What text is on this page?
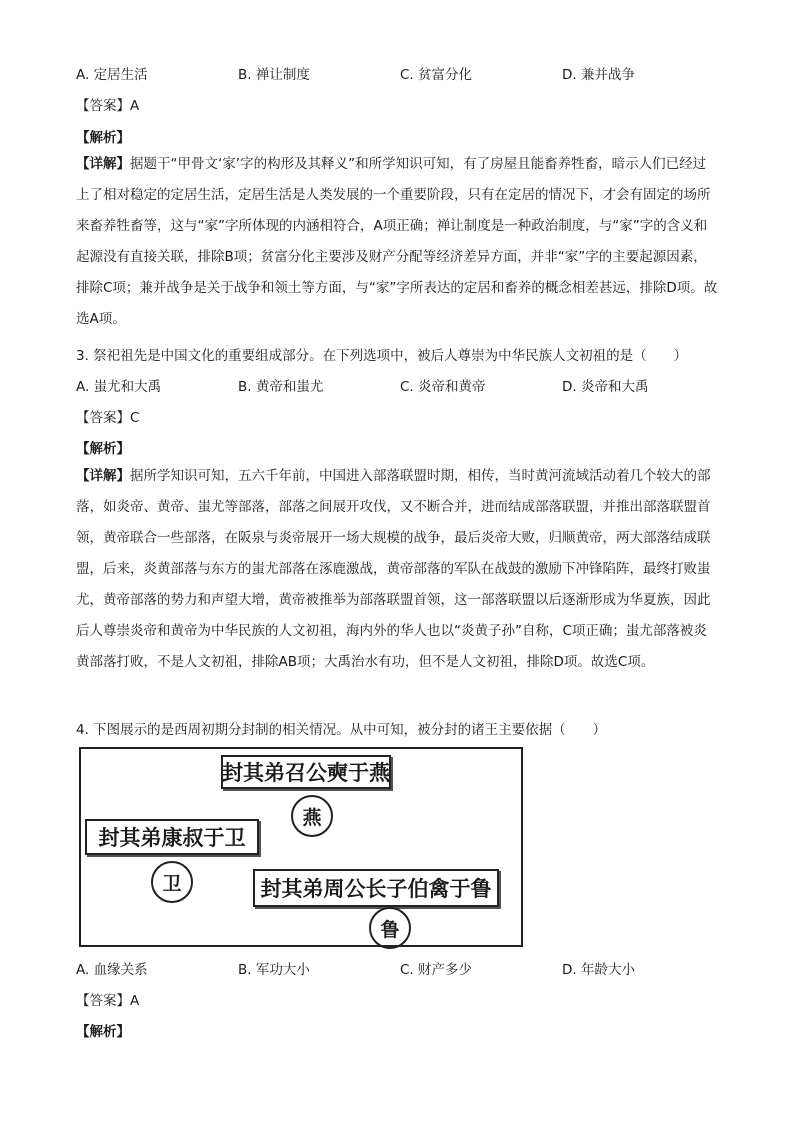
A. 定居生活	B. 禅让制度	C. 贫富分化	D. 兼并战争
【答案】A
【解析】

【详解】据题干“甲骨文‘家’字的构形及其释义”和所学知识可知，有了房屋且能畜养牲畜，暗示人们已经过上了相对稳定的定居生活，定居生活是人类发展的一个重要阶段，只有在定居的情况下，才会有固定的场所来畜养牲畜等，这与“家”字所体现的内涵相符合，A项正确；禅让制度是一种政治制度，与“家”字的含义和起源没有直接关联，排除B项；贫富分化主要涉及财产分配等经济差异方面，并非“家”字的主要起源因素，排除C项；兼并战争是关于战争和领土等方面，与“家”字所表达的定居和畜养的概念相差甚远，排除D项。故选A项。

3. 祭祀祖先是中国文化的重要组成部分。在下列选项中，被后人尊崇为中华民族人文初祖的是（　　）
A. 蚩尤和大禹	B. 黄帝和蚩尤	C. 炎帝和黄帝	D. 炎帝和大禹
【答案】C
【解析】

【详解】据所学知识可知，五六千年前，中国进入部落联盟时期，相传，当时黄河流域活动着几个较大的部落，如炎帝、黄帝、蚩尤等部落，部落之间展开攻伐，又不断合并，进而结成部落联盟，并推出部落联盟首领，黄帝联合一些部落，在阪泉与炎帝展开一场大规模的战争，最后炎帝大败，归顺黄帝，两大部落结成联盟，后来，炎黄部落与东方的蚩尤部落在涿鹿激战，黄帝部落的军队在战鼓的激励下冲锋陷阵，最终打败蚩尤，黄帝部落的势力和声望大增，黄帝被推举为部落联盟首领，这一部落联盟以后逐渐形成为华夏族，因此后人尊崇炎帝和黄帝为中华民族的人文初祖，海内外的华人也以“炎黄子孙”自称，C项正确；蚩尤部落被炎黄部落打败，不是人文初祖，排除AB项；大禹治水有功，但不是人文初祖，排除D项。故选C项。

4. 下图展示的是西周初期分封制的相关情况。从中可知，被分封的诸王主要依据（　　）
封其弟召公奭于燕
燕
封其弟康叔于卫
卫	封其弟周公长子伯禽于鲁
鲁
A. 血缘关系	B. 军功大小	C. 财产多少	D. 年龄大小
【答案】A
【解析】
